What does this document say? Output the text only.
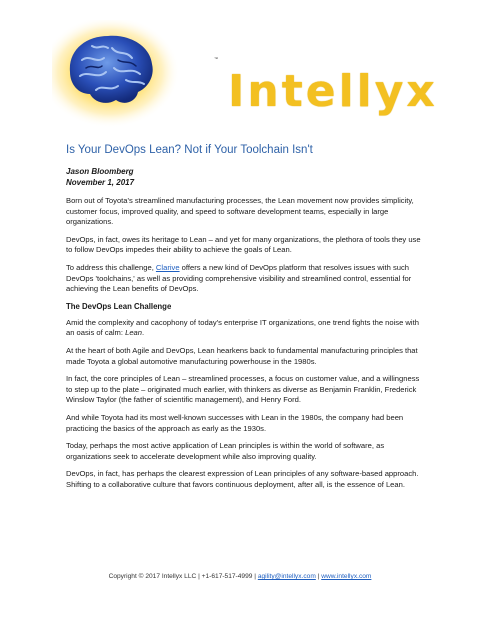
™
Intellyx
Is Your DevOps Lean? Not if Your Toolchain Isn't

Jason Bloomberg

November 1, 2017

Born out of Toyota's streamlined manufacturing processes, the Lean movement now provides simplicity, customer focus, improved quality, and speed to software development teams, especially in large organizations.

DevOps, in fact, owes its heritage to Lean – and yet for many organizations, the plethora of tools they use to follow DevOps impedes their ability to achieve the goals of Lean.

To address this challenge, Clarive offers a new kind of DevOps platform that resolves issues with such DevOps 'toolchains,' as well as providing comprehensive visibility and streamlined control, essential for achieving the Lean benefits of DevOps.

The DevOps Lean Challenge

Amid the complexity and cacophony of today's enterprise IT organizations, one trend fights the noise with an oasis of calm: Lean.

At the heart of both Agile and DevOps, Lean hearkens back to fundamental manufacturing principles that made Toyota a global automotive manufacturing powerhouse in the 1980s.

In fact, the core principles of Lean – streamlined processes, a focus on customer value, and a willingness to step up to the plate – originated much earlier, with thinkers as diverse as Benjamin Franklin, Frederick Winslow Taylor (the father of scientific management), and Henry Ford.

And while Toyota had its most well-known successes with Lean in the 1980s, the company had been practicing the basics of the approach as early as the 1930s.

Today, perhaps the most active application of Lean principles is within the world of software, as organizations seek to accelerate development while also improving quality.

DevOps, in fact, has perhaps the clearest expression of Lean principles of any software-based approach. Shifting to a collaborative culture that favors continuous deployment, after all, is the essence of Lean.

Copyright © 2017 Intellyx LLC | +1-617-517-4999 | agility@intellyx.com | www.intellyx.com
